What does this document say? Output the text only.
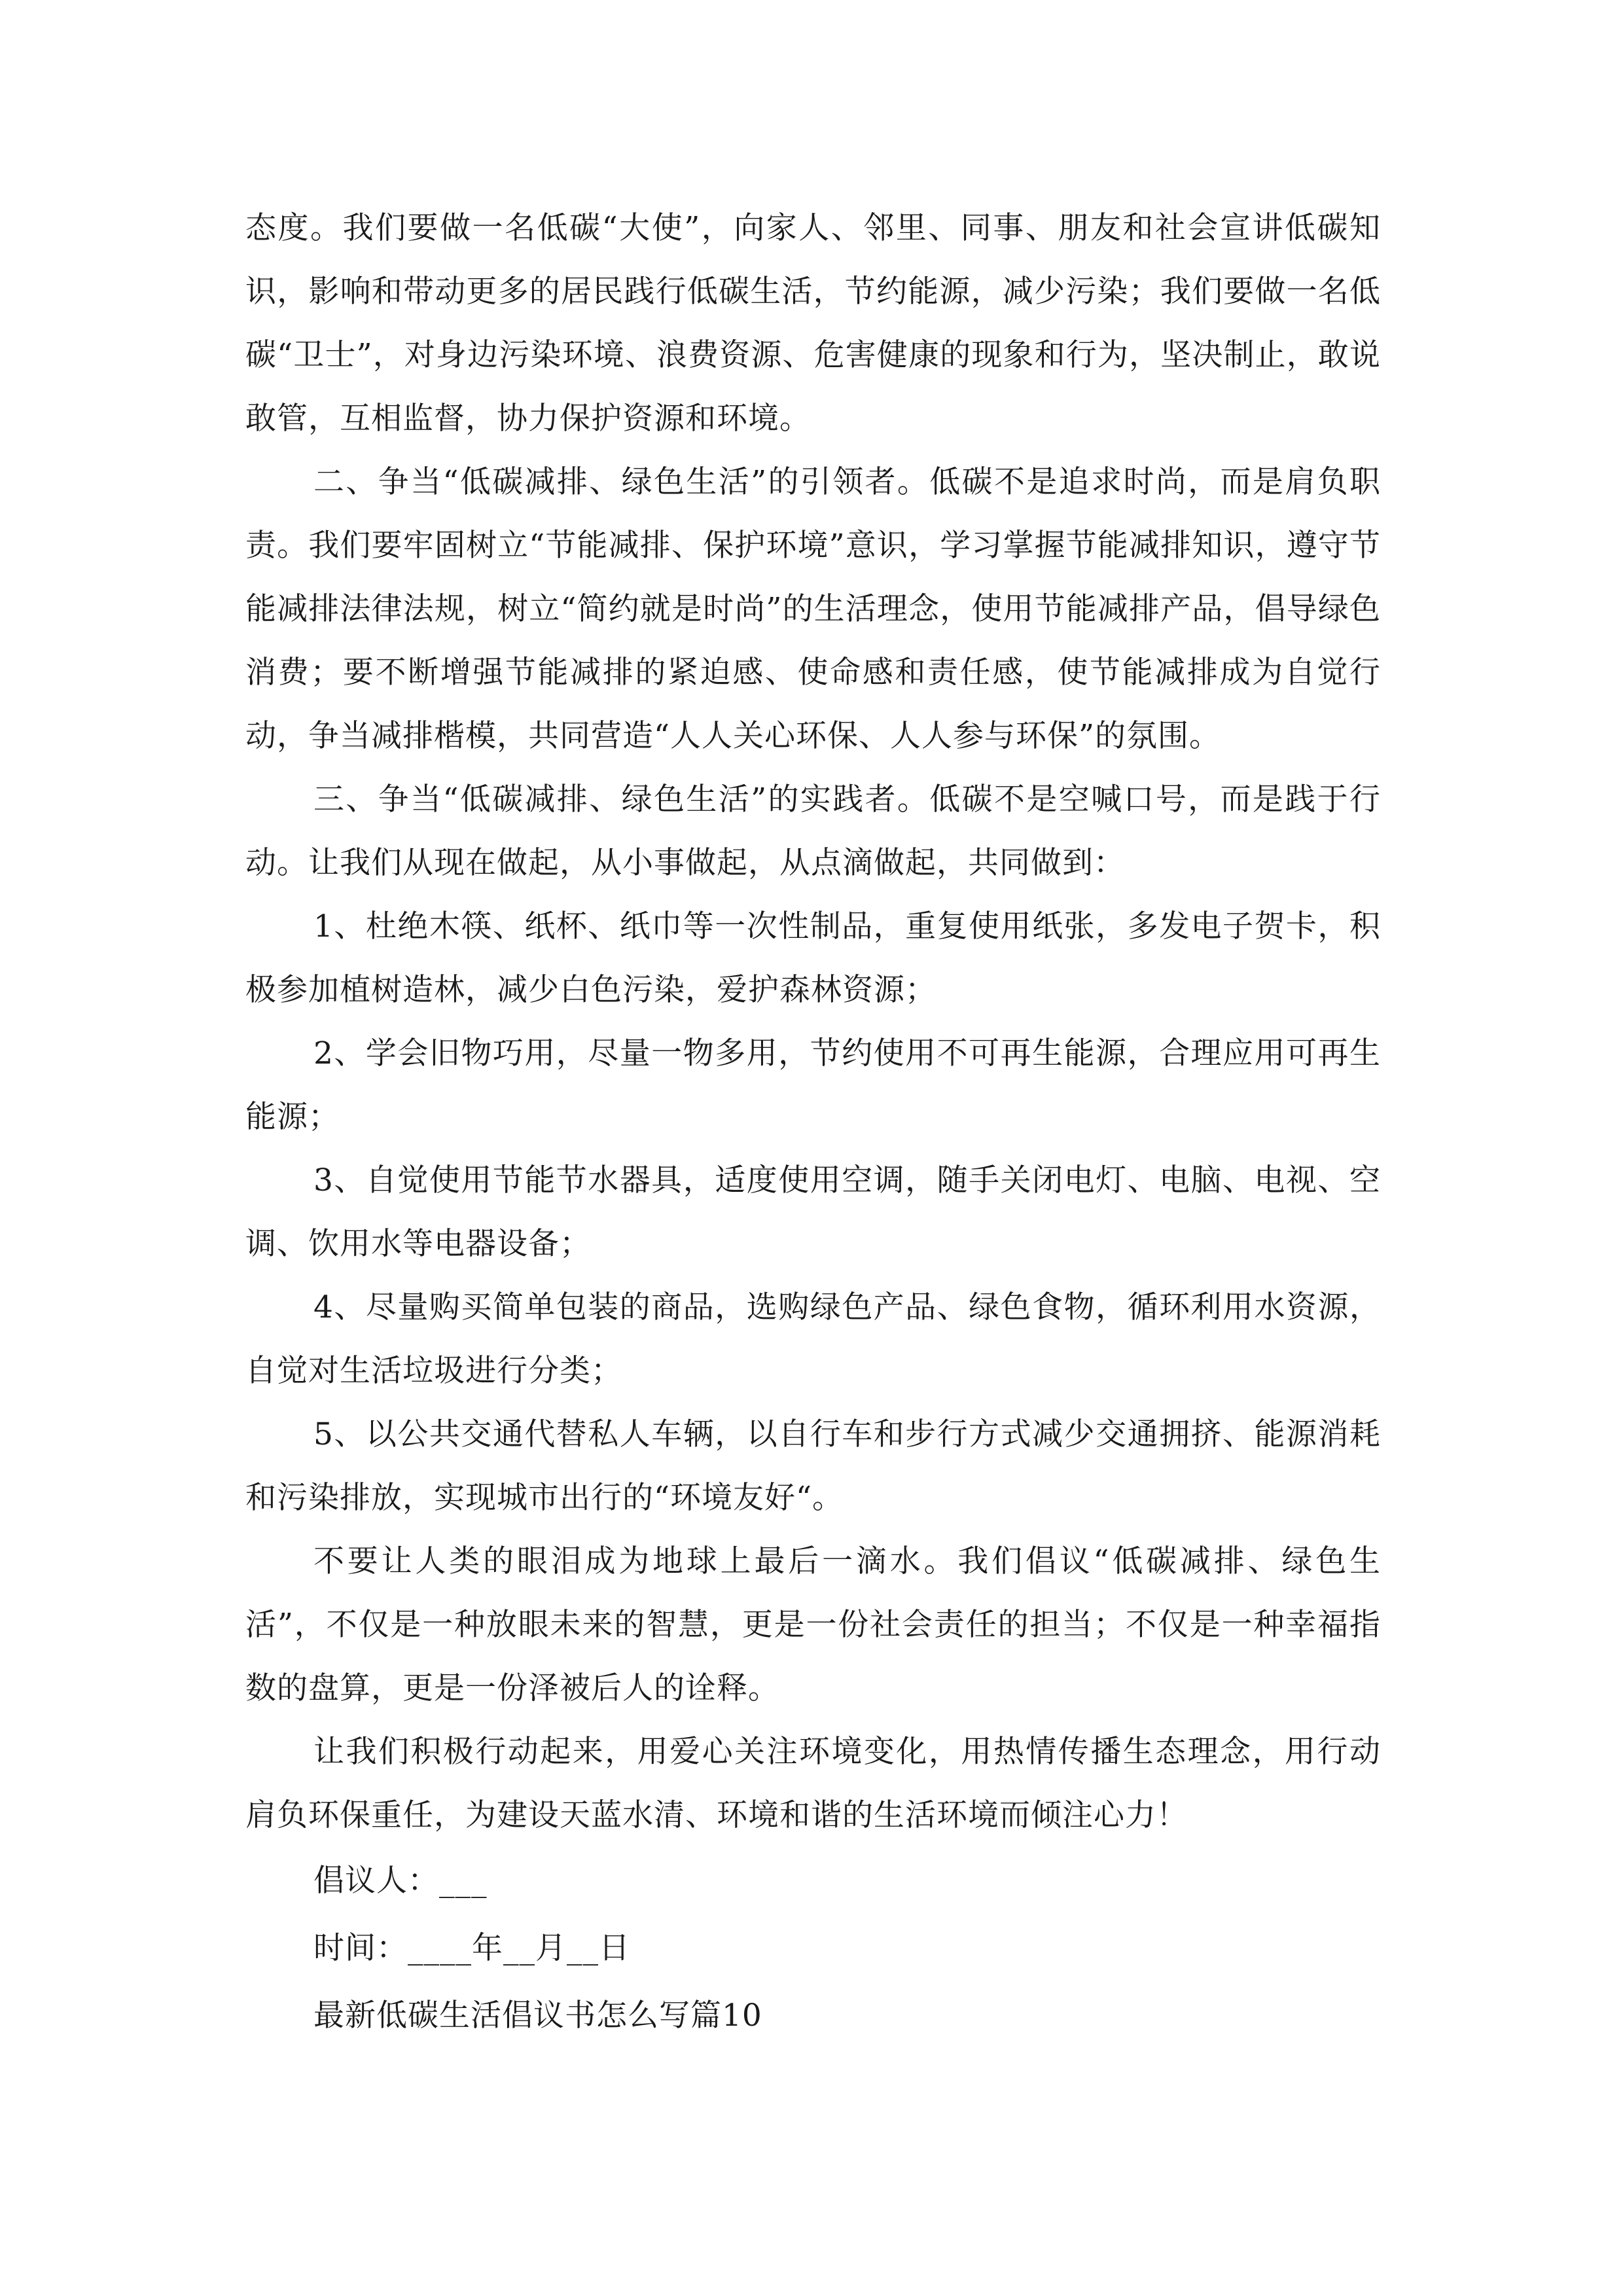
态度。我们要做一名低碳“大使”，向家人、邻里、同事、朋友和社会宣讲低碳知识，影响和带动更多的居民践行低碳生活，节约能源，减少污染；我们要做一名低碳“卫士”，对身边污染环境、浪费资源、危害健康的现象和行为，坚决制止，敢说敢管，互相监督，协力保护资源和环境。

二、争当“低碳减排、绿色生活”的引领者。低碳不是追求时尚，而是肩负职责。我们要牢固树立“节能减排、保护环境”意识，学习掌握节能减排知识，遵守节能减排法律法规，树立“简约就是时尚”的生活理念，使用节能减排产品，倡导绿色消费；要不断增强节能减排的紧迫感、使命感和责任感，使节能减排成为自觉行动，争当减排楷模，共同营造“人人关心环保、人人参与环保”的氛围。

三、争当“低碳减排、绿色生活”的实践者。低碳不是空喊口号，而是践于行动。让我们从现在做起，从小事做起，从点滴做起，共同做到：

1、杜绝木筷、纸杯、纸巾等一次性制品，重复使用纸张，多发电子贺卡，积极参加植树造林，减少白色污染，爱护森林资源；

2、学会旧物巧用，尽量一物多用，节约使用不可再生能源，合理应用可再生能源；

3、自觉使用节能节水器具，适度使用空调，随手关闭电灯、电脑、电视、空调、饮用水等电器设备；

4、尽量购买简单包装的商品，选购绿色产品、绿色食物，循环利用水资源，自觉对生活垃圾进行分类；

5、以公共交通代替私人车辆，以自行车和步行方式减少交通拥挤、能源消耗和污染排放，实现城市出行的“环境友好“。

不要让人类的眼泪成为地球上最后一滴水。我们倡议“低碳减排、绿色生活”，不仅是一种放眼未来的智慧，更是一份社会责任的担当；不仅是一种幸福指数的盘算，更是一份泽被后人的诠释。

让我们积极行动起来，用爱心关注环境变化，用热情传播生态理念，用行动肩负环保重任，为建设天蓝水清、环境和谐的生活环境而倾注心力！

倡议人：___

时间：____年__月__日

最新低碳生活倡议书怎么写篇10
